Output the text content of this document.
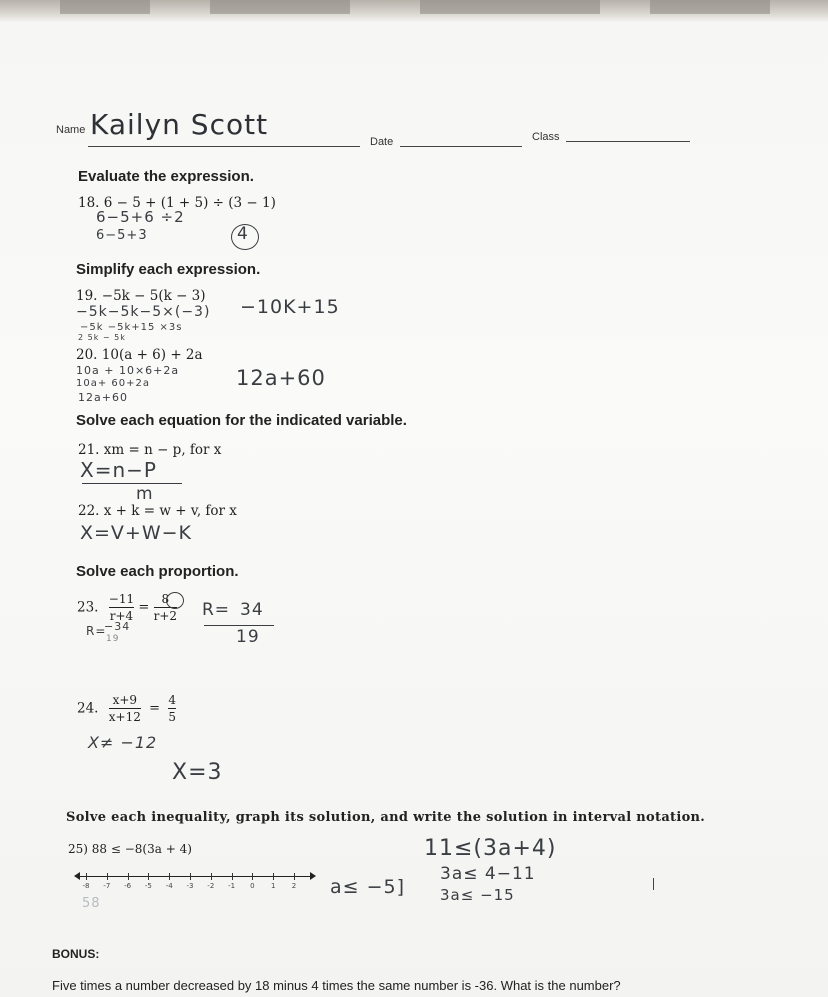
Name Kailyn Scott
Date	Class
Evaluate the expression.
18. 6 − 5 + (1 + 5) ÷ (3 − 1)
6−5+6 ÷2
6−5+3	4
Simplify each expression.
19. −5k − 5(k − 3)
−5k−5k−5×(−3)
−5k −5k+15 ×3s
2 5k − 5k
−10K+15
20. 10(a + 6) + 2a
10a + 10×6+2a
10a+ 60+2a
12a+60
12a+60
Solve each equation for the indicated variable.
21. xm = n − p, for x
X=n−P
m
22. x + k = w + v, for x
X=V+W−K
Solve each proportion.
23. $\frac{-11}{r+4} = \frac{8}{r+2}$
R=
−34
19
R= 34
19
24. $\frac{x+9}{x+12} = \frac{4}{5}$
X≠ −12
X=3
Solve each inequality, graph its solution, and write the solution in interval notation.
25) 88 ≤ −8(3a + 4)
-8 -7 -6 -5 -4 -3 -2 -1 0 1 2
58
11≤(3a+4)
3a≤ 4−11
3a≤ −15
a≤ −5]
BONUS:
Five times a number decreased by 18 minus 4 times the same number is -36. What is the number?
